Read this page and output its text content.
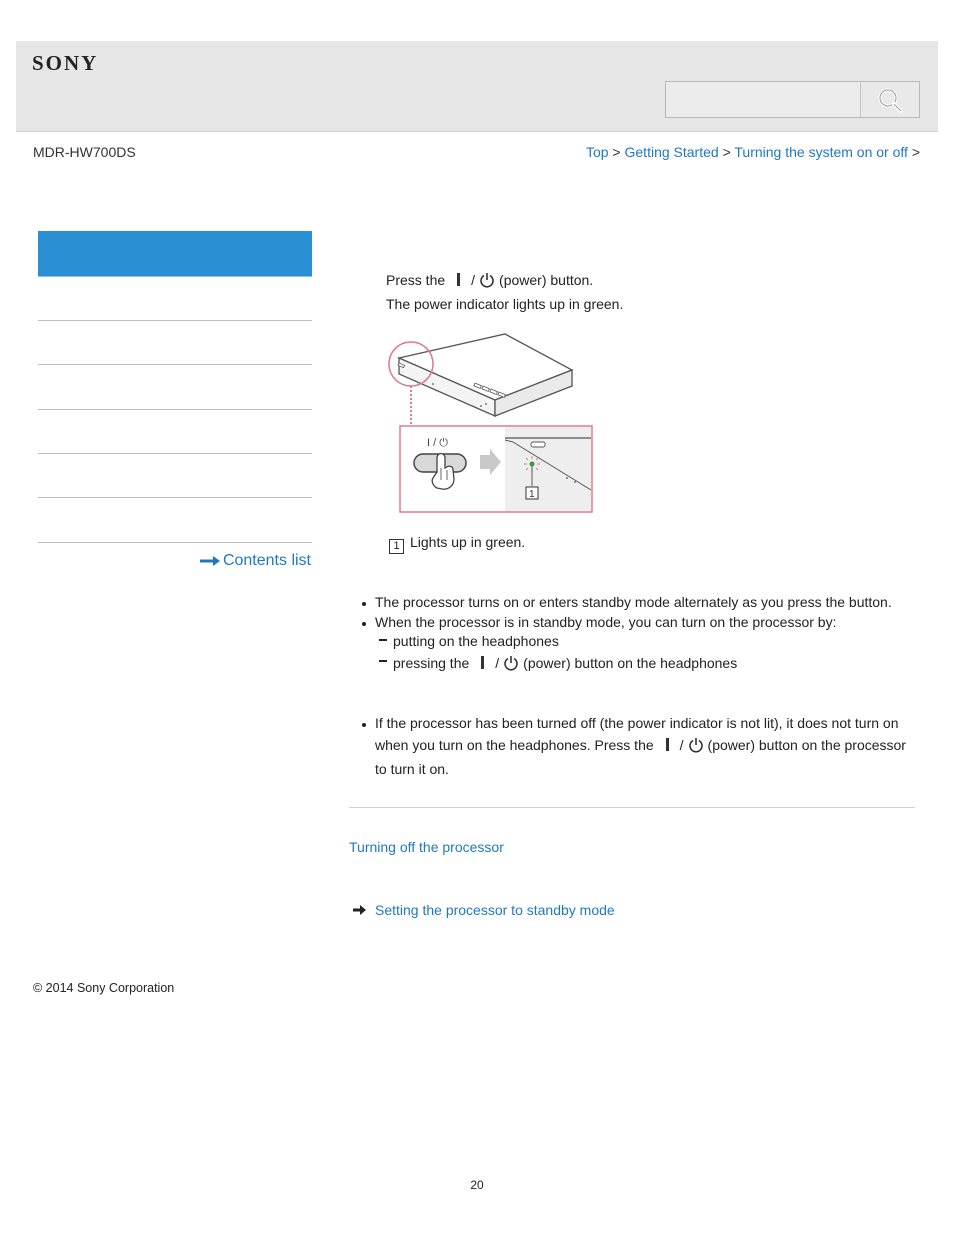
SONY
MDR-HW700DS	Top > Getting Started > Turning the system on or off >
Contents list
Press the / (power) button.
The power indicator lights up in green.
I / ⏻
1
1 Lights up in green.
The processor turns on or enters standby mode alternately as you press the button.
When the processor is in standby mode, you can turn on the processor by:
putting on the headphones
pressing the / (power) button on the headphones
If the processor has been turned off (the power indicator is not lit), it does not turn on
when you turn on the headphones. Press the / (power) button on the processor
to turn it on.
Turning off the processor
Setting the processor to standby mode
© 2014 Sony Corporation
20
